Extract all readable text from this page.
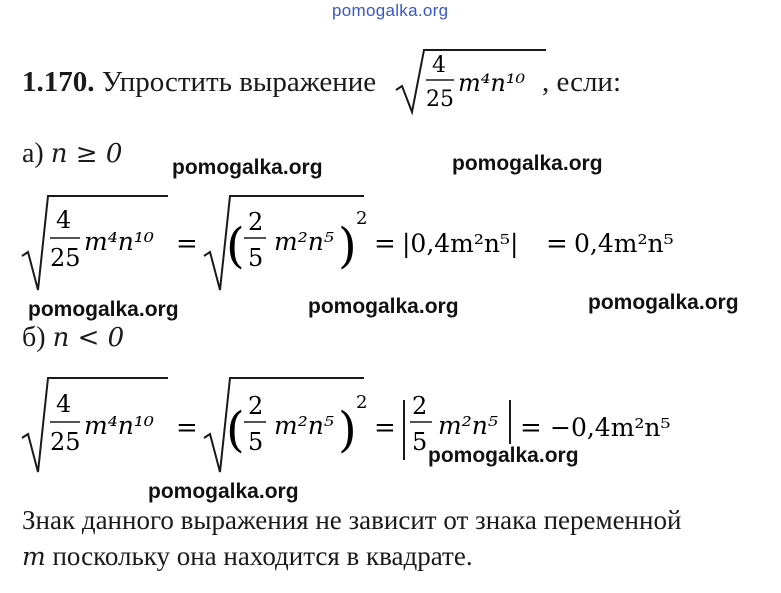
pomogalka.org
1.170. Упростить выражение
4
25
m⁴n¹⁰ , если:
а) n ≥ 0 pomogalka.org	pomogalka.org
4
25
m⁴n¹⁰ = ( 2
5
m²n⁵ ) 2
= |0,4m²n⁵| = 0,4m²n⁵
pomogalka.org	pomogalka.org	pomogalka.org
б) n < 0
4
25
m⁴n¹⁰ = ( 2
5
m²n⁵ ) 2
=
2
5
m²n⁵ = −0,4m²n⁵
pomogalka.org
pomogalka.org
Знак данного выражения не зависит от знака переменной
m поскольку она находится в квадрате.
